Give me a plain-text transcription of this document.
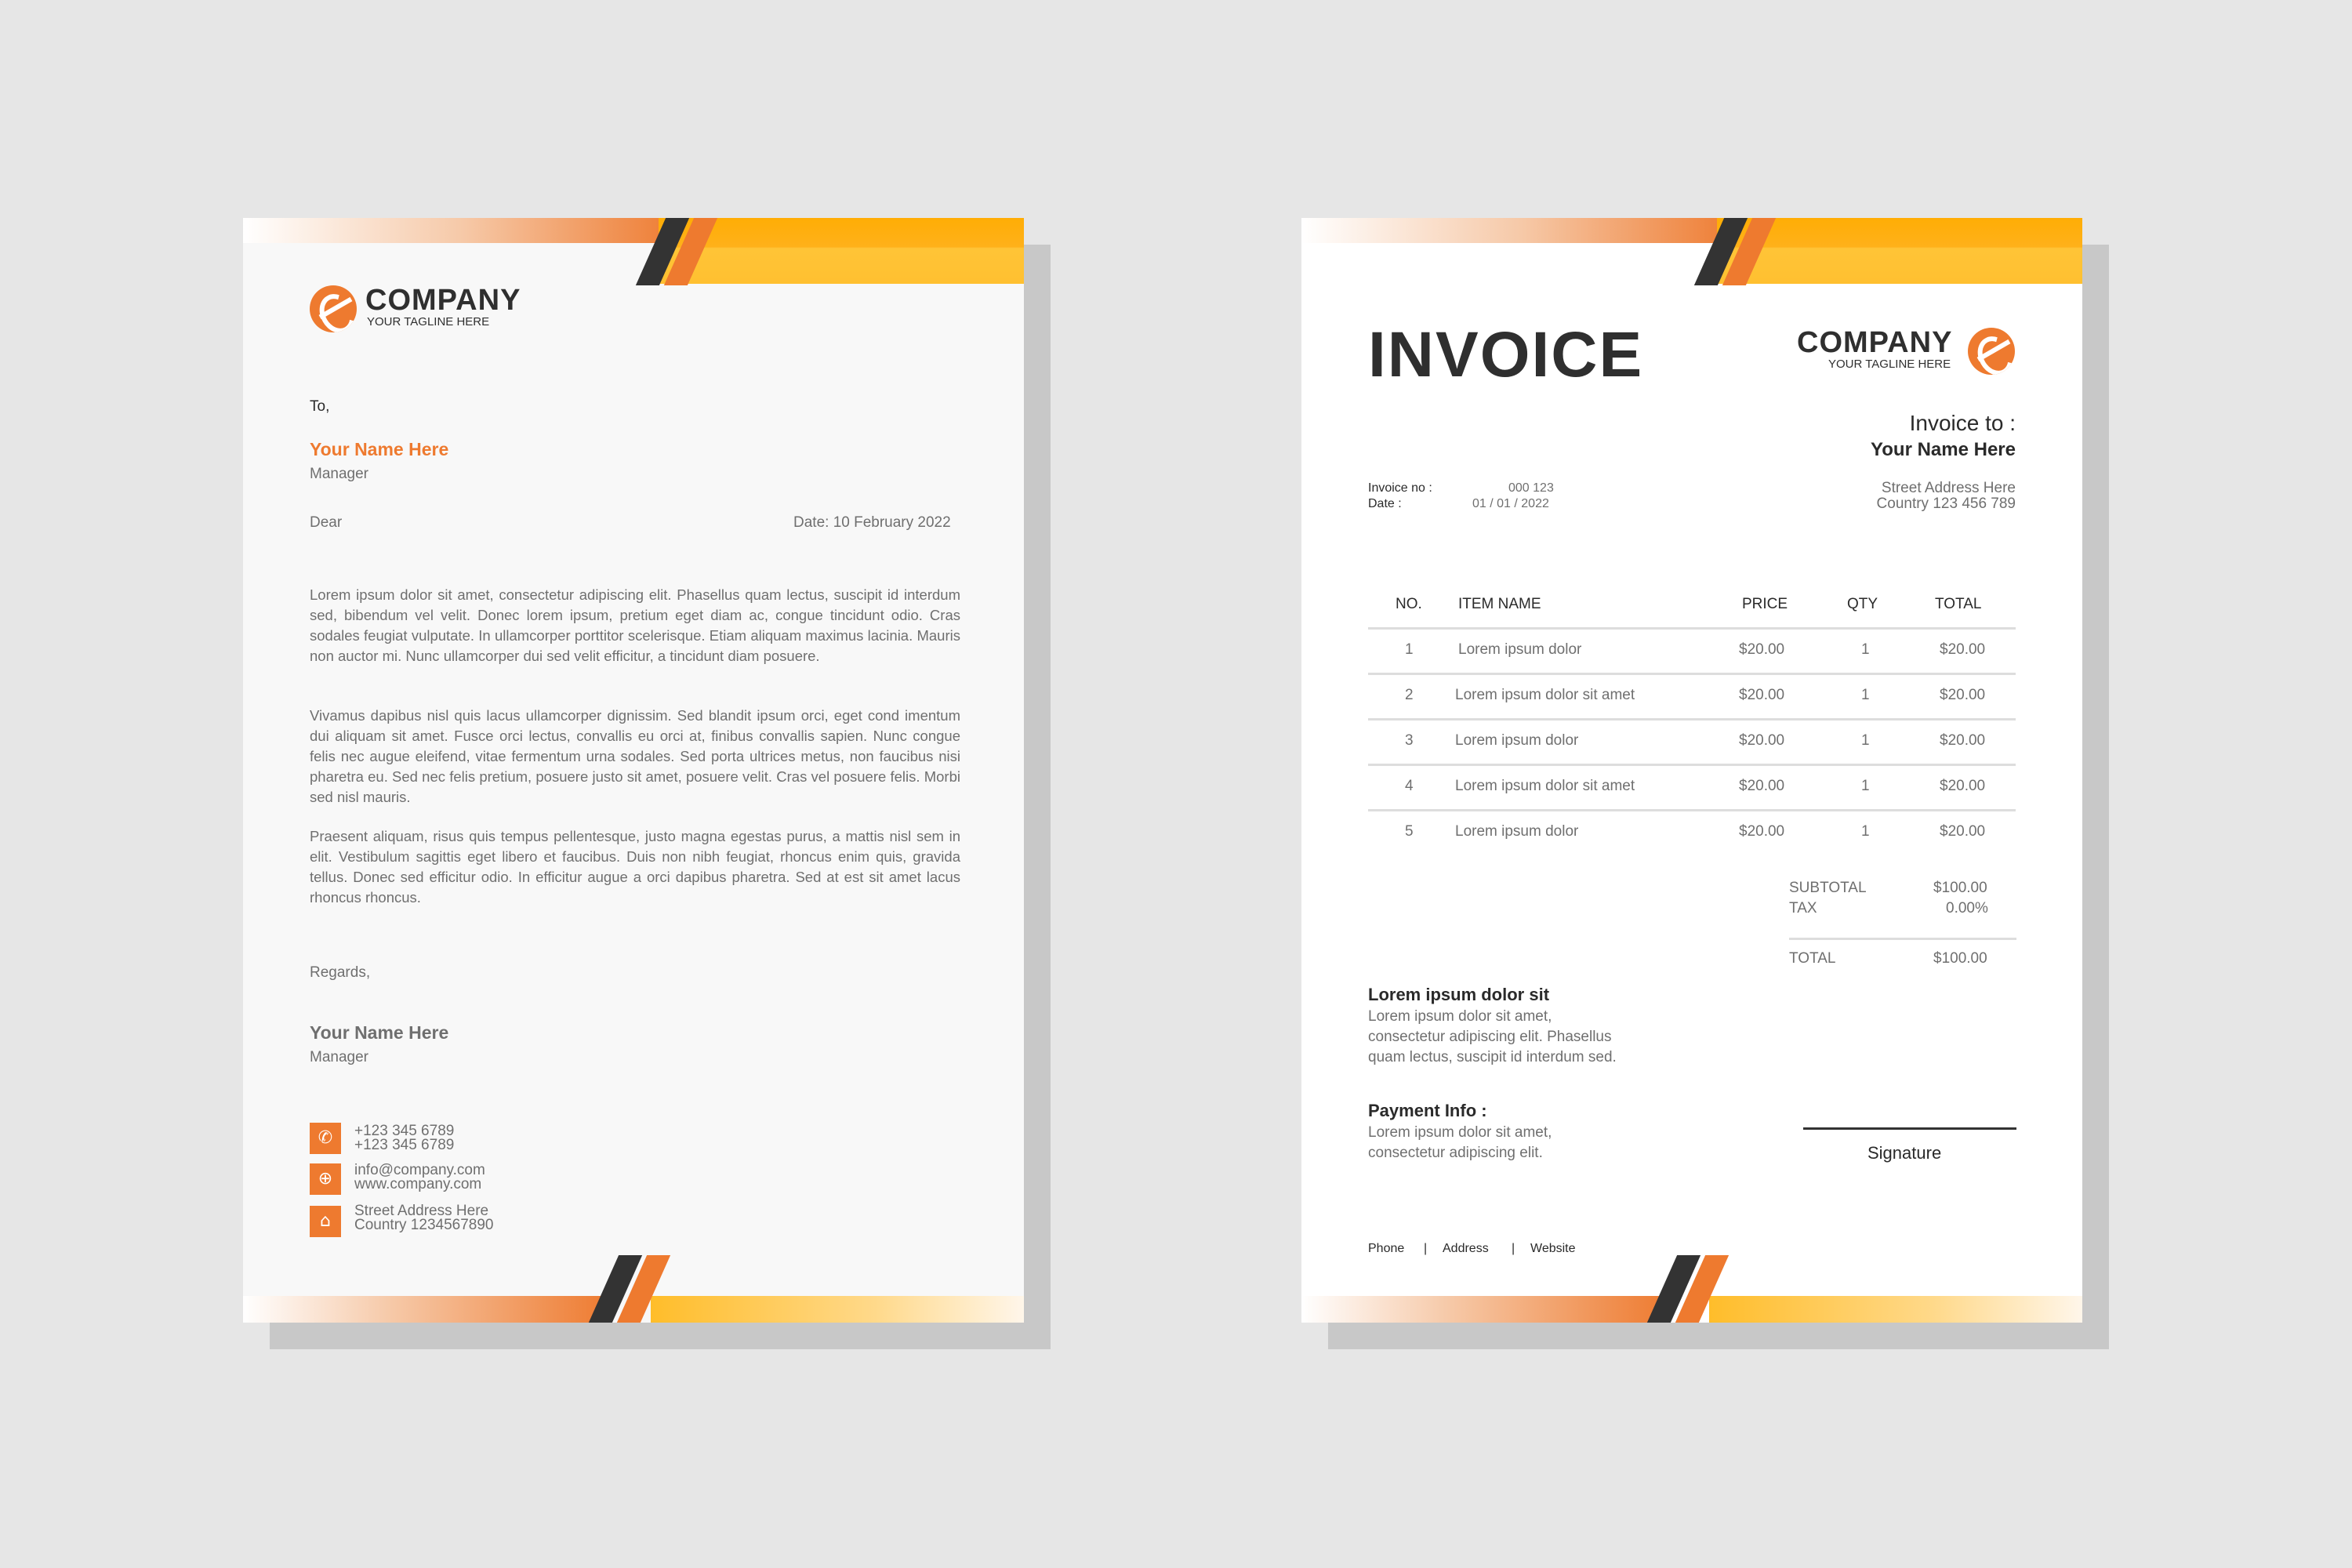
COMPANY
YOUR TAGLINE HERE
To,
Your Name Here
Manager
Dear	Date: 10 February 2022

Lorem ipsum dolor sit amet, consectetur adipiscing elit. Phasellus quam lectus, suscipit id interdum sed, bibendum vel velit. Donec lorem ipsum, pretium eget diam ac, congue tincidunt odio. Cras sodales feugiat vulputate. In ullamcorper porttitor scelerisque. Etiam aliquam maximus lacinia. Mauris non auctor mi. Nunc ullamcorper dui sed velit efficitur, a tincidunt diam posuere.

Vivamus dapibus nisl quis lacus ullamcorper dignissim. Sed blandit ipsum orci, eget cond imentum dui aliquam sit amet. Fusce orci lectus, convallis eu orci at, finibus convallis sapien. Nunc congue felis nec augue eleifend, vitae fermentum urna sodales. Sed porta ultrices metus, non faucibus nisi pharetra eu. Sed nec felis pretium, posuere justo sit amet, posuere velit. Cras vel posuere felis. Morbi sed nisl mauris.

Praesent aliquam, risus quis tempus pellentesque, justo magna egestas purus, a mattis nisl sem in elit. Vestibulum sagittis eget libero et faucibus. Duis non nibh feugiat, rhoncus enim quis, gravida tellus. Donec sed efficitur odio. In efficitur augue a orci dapibus pharetra. Sed at est sit amet lacus rhoncus rhoncus.

Regards,
Your Name Here
Manager
✆	+123 345 6789
+123 345 6789
⊕	info@company.com
www.company.com
⌂
Street Address Here
Country 1234567890
INVOICE	COMPANY
YOUR TAGLINE HERE
Invoice to :
Your Name Here
Street Address Here
Country 123 456 789
Invoice no :	000 123
Date :	01 / 01 / 2022
NO. ITEM NAME	PRICE	QTY	TOTAL
1	Lorem ipsum dolor	$20.00	1	$20.00
2	Lorem ipsum dolor sit amet	$20.00	1	$20.00
3	Lorem ipsum dolor	$20.00	1	$20.00
4	Lorem ipsum dolor sit amet	$20.00	1	$20.00
5	Lorem ipsum dolor	$20.00	1	$20.00
SUBTOTAL	$100.00
TAX	0.00%
TOTAL	$100.00
Lorem ipsum dolor sit
Lorem ipsum dolor sit amet,
consectetur adipiscing elit. Phasellus
quam lectus, suscipit id interdum sed.
Payment Info :
Lorem ipsum dolor sit amet,
consectetur adipiscing elit.	Signature
Phone | Address | Website
